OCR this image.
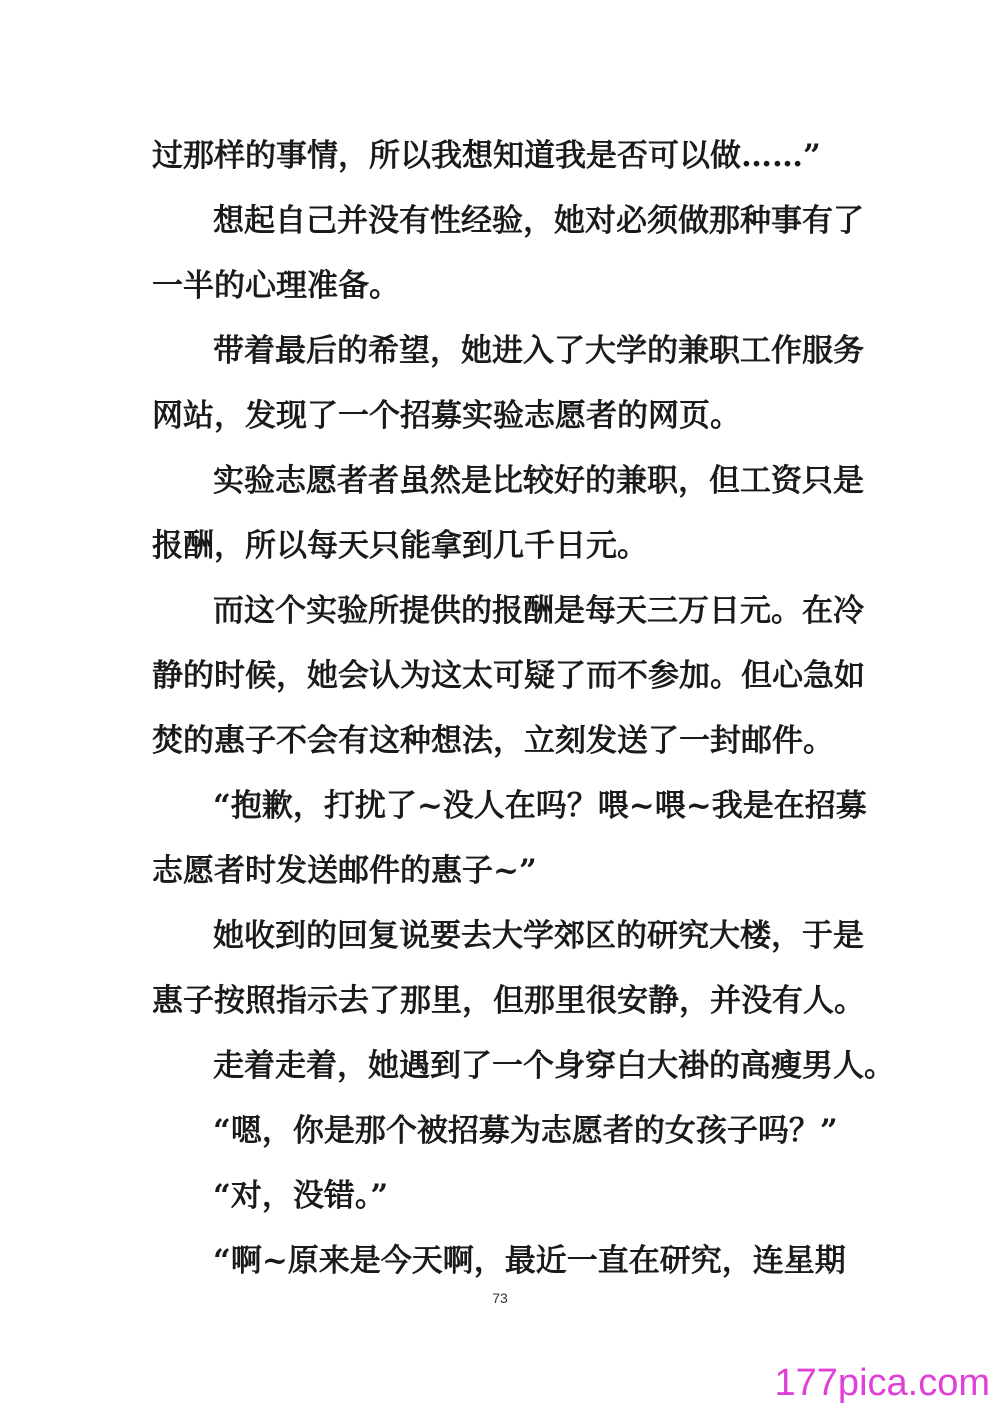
过那样的事情，所以我想知道我是否可以做……”
想起自己并没有性经验，她对必须做那种事有了
一半的心理准备。
带着最后的希望，她进入了大学的兼职工作服务
网站，发现了一个招募实验志愿者的网页。
实验志愿者者虽然是比较好的兼职，但工资只是
报酬，所以每天只能拿到几千日元。
而这个实验所提供的报酬是每天三万日元。在冷
静的时候，她会认为这太可疑了而不参加。但心急如
焚的惠子不会有这种想法，立刻发送了一封邮件。
“抱歉，打扰了~没人在吗？喂~喂~我是在招募
志愿者时发送邮件的惠子~”
她收到的回复说要去大学郊区的研究大楼，于是
惠子按照指示去了那里，但那里很安静，并没有人。
走着走着，她遇到了一个身穿白大褂的高瘦男人。
“嗯，你是那个被招募为志愿者的女孩子吗？”
“对，没错。”
“啊~原来是今天啊，最近一直在研究，连星期
73
177pica.com
